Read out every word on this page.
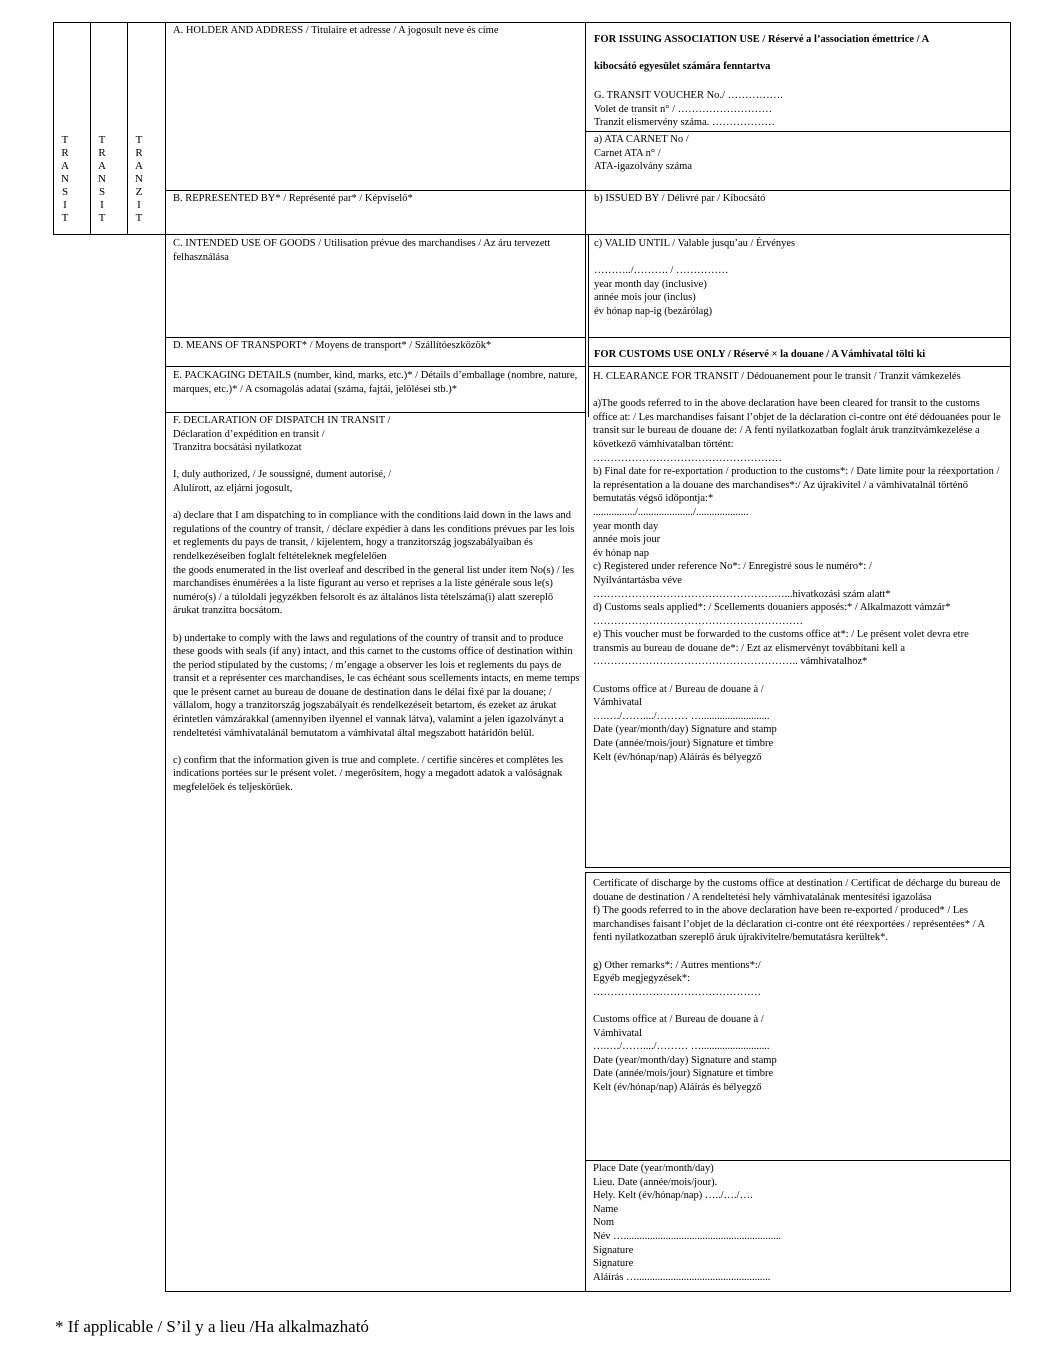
T
R
A
N
S
I
T
T
R
A
N
S
I
T
T
R
A
N
Z
I
T
A. HOLDER AND ADDRESS / Titulaire et adresse / A jogosult neve és címe
B. REPRESENTED BY* / Représenté par* / Képviselő*
C. INTENDED USE OF GOODS / Utilisation prévue des marchandises / Az áru tervezett felhasználása
D. MEANS OF TRANSPORT* / Moyens de transport* / Szállítóeszközök*
E. PACKAGING DETAILS (number, kind, marks, etc.)* / Détails d’emballage (nombre, nature, marques, etc.)* / A csomagolás adatai (száma, fajtái, jelölései stb.)*
F. DECLARATION OF DISPATCH IN TRANSIT /
Déclaration d’expédition en transit /
Tranzitra bocsátási nyilatkozat

I, duly authorized, / Je soussigné, dument autorisé, /
Alulírott, az eljárni jogosult,

a) declare that I am dispatching to in compliance with the conditions laid down in the laws and regulations of the country of transit, / déclare expédier à dans les conditions prévues par les lois et reglements du pays de transit, / kijelentem, hogy a tranzitország jogszabályaiban és rendelkezéseiben foglalt feltételeknek megfelelően
the goods enumerated in the list overleaf and described in the general list under item No(s) / les marchandises énumérées a la liste figurant au verso et reprises a la liste générale sous le(s) numéro(s) / a túloldali jegyzékben felsorolt és az általános lista tételszáma(i) alatt szereplő árukat tranzitra bocsátom.

b) undertake to comply with the laws and regulations of the country of transit and to produce these goods with seals (if any) intact, and this carnet to the customs office of destination within the period stipulated by the customs; / m’engage a observer les lois et reglements du pays de transit et a représenter ces marchandises, le cas échéant sous scellements intacts, en meme temps que le présent carnet au bureau de douane de destination dans le délai fixé par la douane; / vállalom, hogy a tranzitország jogszabályait és rendelkezéseit betartom, és ezeket az árukat érintetlen vámzárakkal (amennyiben ilyennel el vannak látva), valamint a jelen igazolványt a rendeltetési vámhivatalánál bemutatom a vámhivatal által megszabott határidőn belül.

c) confirm that the information given is true and complete. / certifie sincères et complètes les indications portées sur le présent volet. / megerősítem, hogy a megadott adatok a valóságnak megfelelőek és teljeskörűek.
FOR ISSUING ASSOCIATION USE / Réservé a l’association émettrice / A

kibocsátó egyesület számára fenntartva
G. TRANSIT VOUCHER No./ …………….
Volet de transit n° / ………………………
Tranzit elismervény száma. ………………
a) ATA CARNET No /
Carnet ATA n° /
ATA-igazolvány száma
b) ISSUED BY / Délivré par / Kibocsátó
c) VALID UNTIL / Valable jusqu’au / Érvényes

………../………. / ……………
year month day (inclusive)
année mois jour (inclus)
év hónap nap-ig (bezárólag)
FOR CUSTOMS USE ONLY / Réservé × la douane / A Vámhivatal tölti ki
H. CLEARANCE FOR TRANSIT / Dédouanement pour le transit / Tranzit vámkezelés

a)The goods referred to in the above declaration have been cleared for transit to the customs office at: / Les marchandises faisant l’objet de la déclaration ci-contre ont été dédouanées pour le transit sur le bureau de douane de: / A fenti nyilatkozatban foglalt áruk tranzitvámkezelése a következő vámhivatalban történt:
………………………………………………
b) Final date for re-exportation / production to the customs*: / Date limite pour la réexportation / la représentation a la douane des marchandises*:/ Az újrakivitel / a vámhivatalnál történő bemutatás végső időpontja:*
................/...................../....................
year month day
année mois jour
év hónap nap
c) Registered under reference No*: / Enregistré sous le numéro*: /
Nyilvántartásba véve
…………………………………………….…...hivatkozási szám alatt*
d) Customs seals applied*: / Scellements douaniers apposés:* / Alkalmazott vámzár*
……………………………………………………
e) This voucher must be forwarded to the customs office at*: / Le présent volet devra etre transmis au bureau de douane de*: / Ezt az elismervényt továbbítani kell a ………………………………………………….. vámhivatalhoz*

Customs office at / Bureau de douane à /
Vámhivatal
….…./……..../……… …..........................
Date (year/month/day) Signature and stamp
Date (année/mois/jour) Signature et timbre
Kelt (év/hónap/nap) Aláírás és bélyegző
Certificate of discharge by the customs office at destination / Certificat de décharge du bureau de douane de destination / A rendeltetési hely vámhivatalának mentesítési igazolása
f) The goods referred to in the above declaration have been re-exported / produced* / Les marchandises faisant l’objet de la déclaration ci-contre ont été réexportées / représentées* / A fenti nyilatkozatban szereplő áruk újrakivitelre/bemutatásra kerültek*.

g) Other remarks*: / Autres mentions*:/
Egyéb megjegyzések*:
…………………………………………

Customs office at / Bureau de douane à /
Vámhivatal
….…./……..../……… …..........................
Date (year/month/day) Signature and stamp
Date (année/mois/jour) Signature et timbre
Kelt (év/hónap/nap) Aláírás és bélyegző
Place Date (year/month/day)
Lieu. Date (année/mois/jour).
Hely. Kelt (év/hónap/nap) …../…./….
Name
Nom
Név …............................................................
Signature
Signature
Aláírás …...................................................
* If applicable / S’il y a lieu /Ha alkalmazható
